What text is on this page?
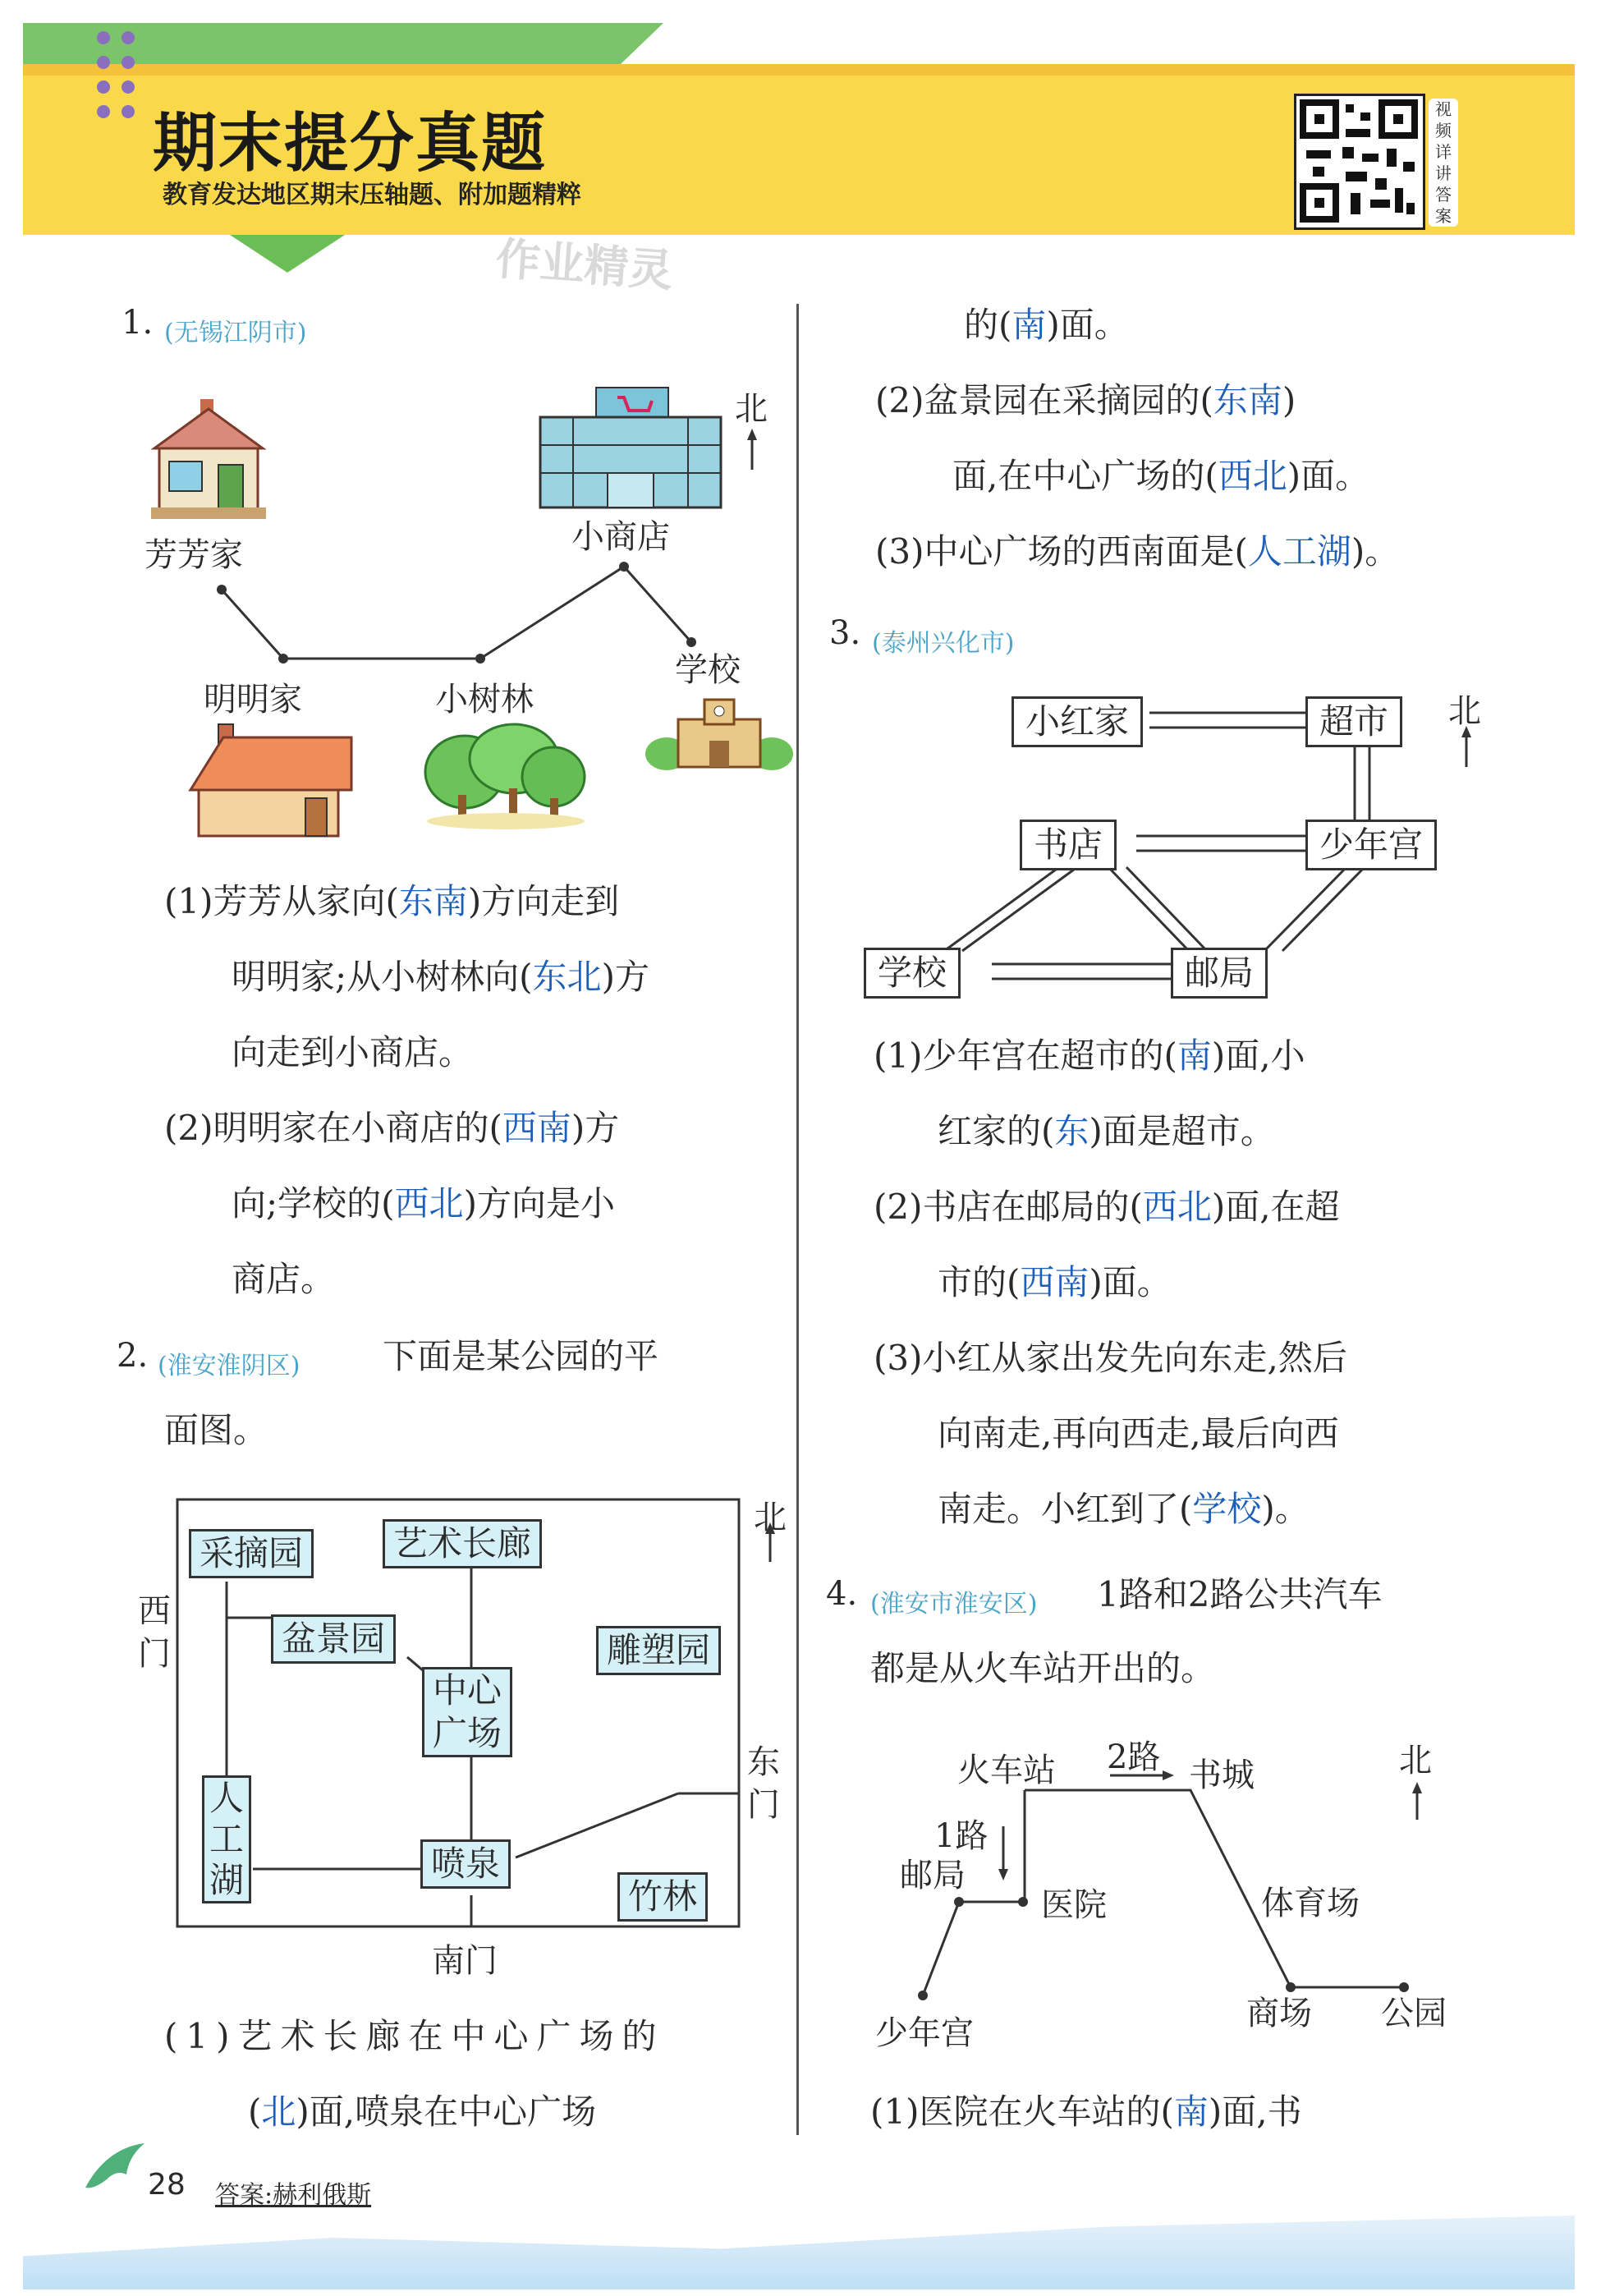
期末提分真题
教育发达地区期末压轴题、附加题精粹
视频详讲答案
作业精灵
1. (无锡江阴市)
北
芳芳家	小商店
明明家	小树林
学校
(1)芳芳从家向(东南)方向走到
明明家;从小树林向(东北)方
向走到小商店。
(2)明明家在小商店的(西南)方
向;学校的(西北)方向是小
商店。
2. (淮安淮阴区) 下面是某公园的平
面图。
北
采摘园	艺术长廊
盆景园	雕塑园
中心
广场
人
工
湖	喷泉
竹林
西
门
东
门
南门
(1)艺术长廊在中心广场的
(北)面,喷泉在中心广场
的(南)面。
(2)盆景园在采摘园的(东南)
面,在中心广场的(西北)面。
(3)中心广场的西南面是(人工湖)。
3. (泰州兴化市)
北
小红家	超市
书店	少年宫
学校	邮局
(1)少年宫在超市的(南)面,小
红家的(东)面是超市。
(2)书店在邮局的(西北)面,在超
市的(西南)面。
(3)小红从家出发先向东走,然后
向南走,再向西走,最后向西
南走。小红到了(学校)。
4. (淮安市淮安区) 1路和2路公共汽车
都是从火车站开出的。
火车站 2路 书城	北
1路
邮局
医院	体育场
少年宫
商场 公园
(1)医院在火车站的(南)面,书
28 答案:赫利俄斯
